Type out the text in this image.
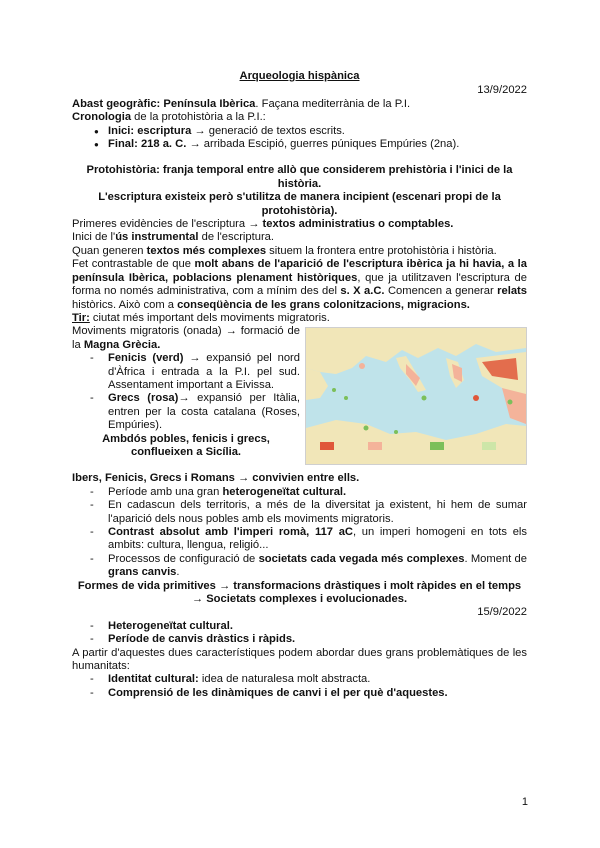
Arqueologia hispànica
13/9/2022

Abast geogràfic: Península Ibèrica. Façana mediterrània de la P.I.

Cronologia de la protohistòria a la P.I.:

● Inici: escriptura → generació de textos escrits.
● Final: 218 a. C. → arribada Escipió, guerres púniques Empúries (2na).

Protohistòria: franja temporal entre allò que considerem prehistòria i l'inici de la història.

L'escriptura existeix però s'utilitza de manera incipient (escenari propi de la protohistòria).

Primeres evidències de l'escriptura → textos administratius o comptables.

Inici de l'ús instrumental de l'escriptura.

Quan generen textos més complexes situem la frontera entre protohistòria i història.

Fet contrastable de que molt abans de l'aparició de l'escriptura ibèrica ja hi havia, a la península Ibèrica, poblacions plenament històriques, que ja utilitzaven l'escriptura de forma no només administrativa, com a mínim des del s. X a.C. Comencen a generar relats històrics. Això com a conseqüència de les grans colonitzacions, migracions.

Tir: ciutat més important dels moviments migratoris.

Moviments migratoris (onada) → formació de la Magna Grècia.

- Fenicis (verd) → expansió pel nord d'Àfrica i entrada a la P.I. pel sud. Assentament important a Eivissa.
- Grecs (rosa)→ expansió per Itàlia, entren per la costa catalana (Roses, Empúries).

Ambdós pobles, fenicis i grecs, conflueixen a Sicília.

Ibers, Fenicis, Grecs i Romans → convivien entre ells.

- Període amb una gran heterogeneïtat cultural.
- En cadascun dels territoris, a més de la diversitat ja existent, hi hem de sumar l'aparició dels nous pobles amb els moviments migratoris.
- Contrast absolut amb l'imperi romà, 117 aC, un imperi homogeni en tots els ambits: cultura, llengua, religió...
- Processos de configuració de societats cada vegada més complexes. Moment de grans canvis.

Formes de vida primitives → transformacions dràstiques i molt ràpides en el temps → Societats complexes i evolucionades.

15/9/2022
- Heterogeneïtat cultural.
- Període de canvis dràstics i ràpids.

A partir d'aquestes dues característiques podem abordar dues grans problemàtiques de les humanitats:

- Identitat cultural: idea de naturalesa molt abstracta.
- Comprensió de les dinàmiques de canvi i el per què d'aquestes.
1
